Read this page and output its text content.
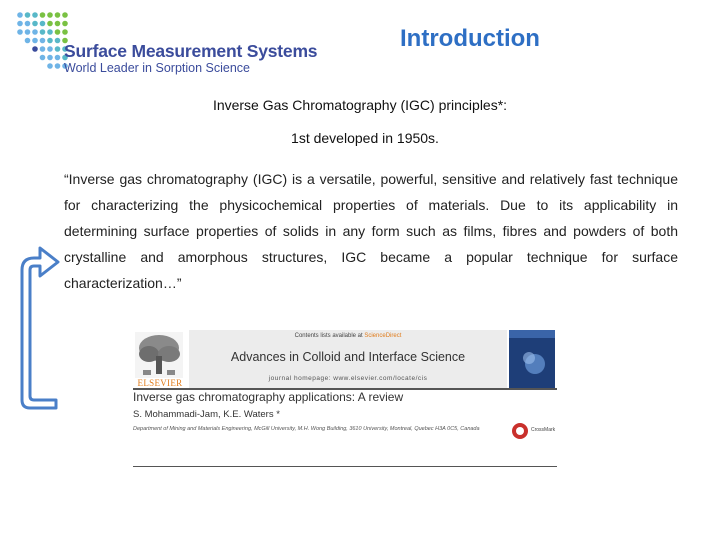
Surface Measurement Systems
World Leader in Sorption Science
Introduction
Inverse Gas Chromatography (IGC) principles*:
1st developed in 1950s.
“Inverse gas chromatography (IGC) is a versatile, powerful, sensitive and relatively fast technique for characterizing the physicochemical properties of materials. Due to its applicability in determining surface properties of solids in any form such as films, fibres and powders of both crystalline and amorphous structures, IGC became a popular technique for surface characterization…”
ELSEVIER
Contents lists available at ScienceDirect
Advances in Colloid and Interface Science
journal homepage: www.elsevier.com/locate/cis
Inverse gas chromatography applications: A review
S. Mohammadi-Jam, K.E. Waters *
Department of Mining and Materials Engineering, McGill University, M.H. Wong Building, 3610 University, Montreal, Quebec H3A 0C5, Canada	CrossMark
